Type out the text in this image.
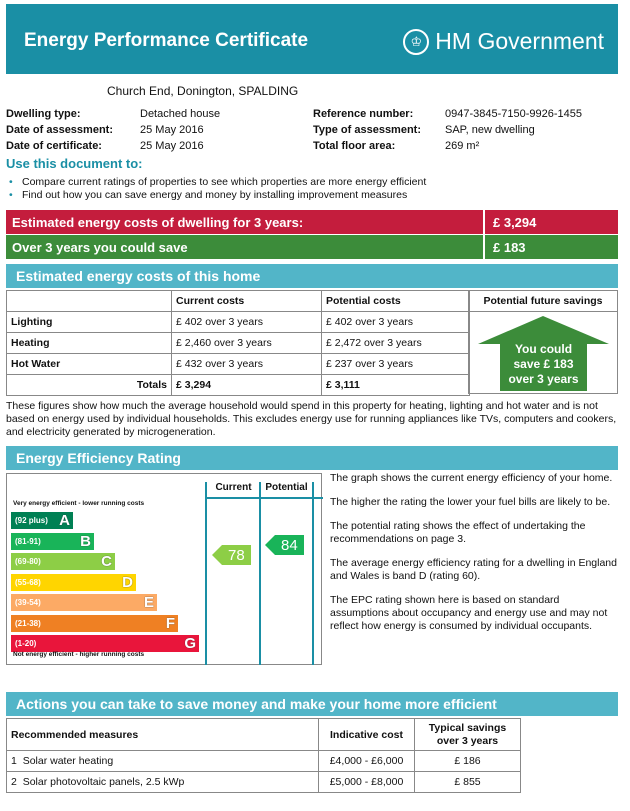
Energy Performance Certificate	♔ HM Government
Church End, Donington, SPALDING
Dwelling type:	Detached house
Date of assessment: 25 May 2016
Date of certificate:	25 May 2016
Reference number:	0947-3845-7150-9926-1455
Type of assessment: SAP, new dwelling
Total floor area:	269 m²
Use this document to:
• Compare current ratings of properties to see which properties are more energy efficient
• Find out how you can save energy and money by installing improvement measures
Estimated energy costs of dwelling for 3 years:	£ 3,294
Over 3 years you could save	£ 183
Estimated energy costs of this home
	Current costs	Potential costs
Lighting	£ 402 over 3 years	£ 402 over 3 years
Heating	£ 2,460 over 3 years	£ 2,472 over 3 years
Hot Water	£ 432 over 3 years	£ 237 over 3 years
Totals	£ 3,294	£ 3,111
Potential future savings
You could
save £ 183
over 3 years
These figures show how much the average household would spend in this property for heating, lighting and hot water and is not based on energy used by individual households. This excludes energy use for running appliances like TVs, computers and cookers, and electricity generated by microgeneration.
Energy Efficiency Rating
Very energy efficient - lower running costs
(92 plus) A
(81-91)	B
(69-80)	C
(55-68)	D
(39-54)	E
(21-38)	F
(1-20)	G
Not energy efficient - higher running costs
Current	Potential
78
84

The graph shows the current energy efficiency of your home.

The higher the rating the lower your fuel bills are likely to be.

The potential rating shows the effect of undertaking the recommendations on page 3.

The average energy efficiency rating for a dwelling in England and Wales is band D (rating 60).

The EPC rating shown here is based on standard assumptions about occupancy and energy use and may not reflect how energy is consumed by individual occupants.

Actions you can take to save money and make your home more efficient
Recommended measures	Indicative cost	Typical savings over 3 years
1 Solar water heating	£4,000 - £6,000	£ 186
2 Solar photovoltaic panels, 2.5 kWp	£5,000 - £8,000	£ 855
